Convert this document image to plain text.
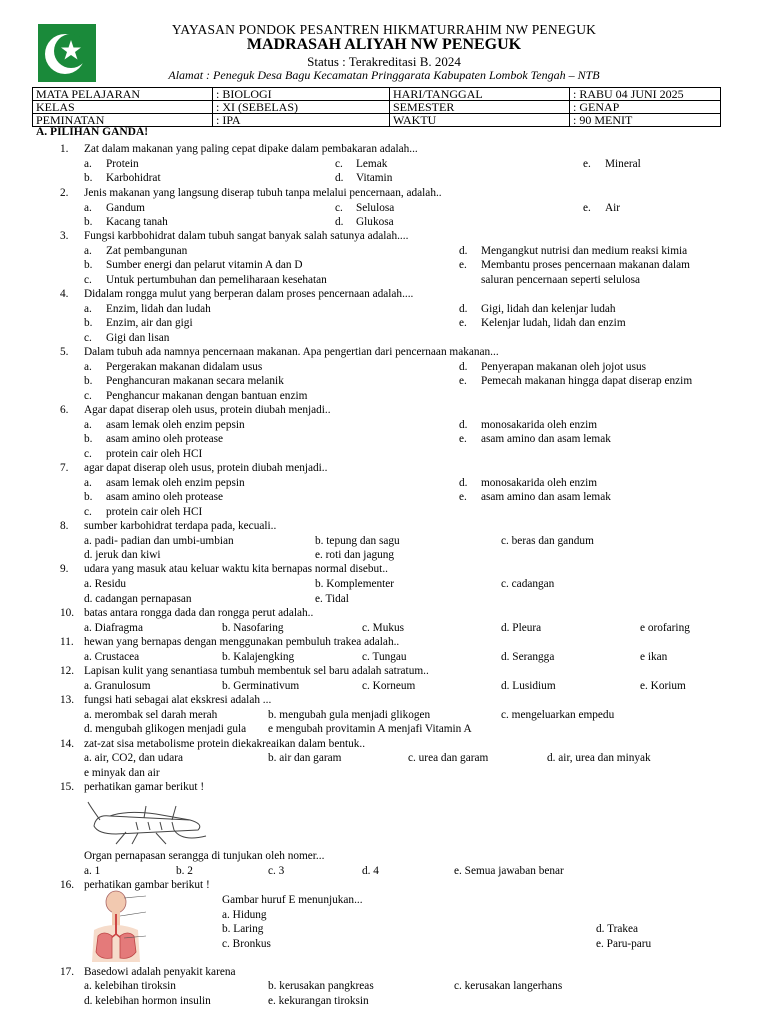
YAYASAN PONDOK PESANTREN HIKMATURRAHIM NW PENEGUK
MADRASAH ALIYAH NW PENEGUK
Status : Terakreditasi B. 2024
Alamat : Peneguk Desa Bagu Kecamatan Pringgarata Kabupaten Lombok Tengah – NTB
MATA PELAJARAN	: BIOLOGI	HARI/TANGGAL	: RABU 04 JUNI 2025
KELAS	: XI (SEBELAS)	SEMESTER	: GENAP
PEMINATAN	: IPA	WAKTU	: 90 MENIT
A. PILIHAN GANDA!
1. Zat dalam makanan yang paling cepat dipake dalam pembakaran adalah...
a. Protein
b. Karbohidrat
c. Lemak
d. Vitamin
e. Mineral
2. Jenis makanan yang langsung diserap tubuh tanpa melalui pencernaan, adalah..
a. Gandum
b. Kacang tanah
c. Selulosa
d. Glukosa
e. Air
3. Fungsi karbbohidrat dalam tubuh sangat banyak salah satunya adalah....
a. Zat pembangunan
b. Sumber energi dan pelarut vitamin A dan D
c. Untuk pertumbuhan dan pemeliharaan kesehatan
d. Mengangkut nutrisi dan medium reaksi kimia
e. Membantu proses pencernaan makanan dalam
saluran pencernaan seperti selulosa
4. Didalam rongga mulut yang berperan dalam proses pencernaan adalah....
a. Enzim, lidah dan ludah
b. Enzim, air dan gigi
c. Gigi dan lisan
d. Gigi, lidah dan kelenjar ludah
e. Kelenjar ludah, lidah dan enzim
5. Dalam tubuh ada namnya pencernaan makanan. Apa pengertian dari pencernaan makanan...
a. Pergerakan makanan didalam usus
b. Penghancuran makanan secara melanik
c. Penghancur makanan dengan bantuan enzim
d. Penyerapan makanan oleh jojot usus
e. Pemecah makanan hingga dapat diserap enzim
6. Agar dapat diserap oleh usus, protein diubah menjadi..
a. asam lemak oleh enzim pepsin
b. asam amino oleh protease
c. protein cair oleh HCI
d. monosakarida oleh enzim
e. asam amino dan asam lemak
7. agar dapat diserap oleh usus, protein diubah menjadi..
a. asam lemak oleh enzim pepsin
b. asam amino oleh protease
c. protein cair oleh HCI
d. monosakarida oleh enzim
e. asam amino dan asam lemak
8. sumber karbohidrat terdapa pada, kecuali..
a. padi- padian dan umbi-umbian	b. tepung dan sagu	c. beras dan gandum
d. jeruk dan kiwi	e. roti dan jagung
9. udara yang masuk atau keluar waktu kita bernapas normal disebut..
a. Residu	b. Komplementer	c. cadangan
d. cadangan pernapasan	e. Tidal
10. batas antara rongga dada dan rongga perut adalah..
a. Diafragma	b. Nasofaring	c. Mukus	d. Pleura	e orofaring
11. hewan yang bernapas dengan menggunakan pembuluh trakea adalah..
a. Crustacea	b. Kalajengking	c. Tungau	d. Serangga	e ikan
12. Lapisan kulit yang senantiasa tumbuh membentuk sel baru adalah satratum..
a. Granulosum	b. Germinativum	c. Korneum	d. Lusidium	e. Korium
13. fungsi hati sebagai alat ekskresi adalah ...
a. merombak sel darah merah	b. mengubah gula menjadi glikogen	c. mengeluarkan empedu
d. mengubah glikogen menjadi gula e mengubah provitamin A menjafi Vitamin A
14. zat-zat sisa metabolisme protein diekakreaikan dalam bentuk..
a. air, CO2, dan udara	b. air dan garam	c. urea dan garam	d. air, urea dan minyak
e minyak dan air
15. perhatikan gamar berikut !
Organ pernapasan serangga di tunjukan oleh nomer...
a. 1	b. 2	c. 3	d. 4	e. Semua jawaban benar
16. perhatikan gambar berikut !
Gambar huruf E menunjukan...
a. Hidung
b. Laring
c. Bronkus
d. Trakea
e. Paru-paru
17. Basedowi adalah penyakit karena
a. kelebihan tiroksin	b. kerusakan pangkreas	c. kerusakan langerhans
d. kelebihan hormon insulin	e. kekurangan tiroksin
